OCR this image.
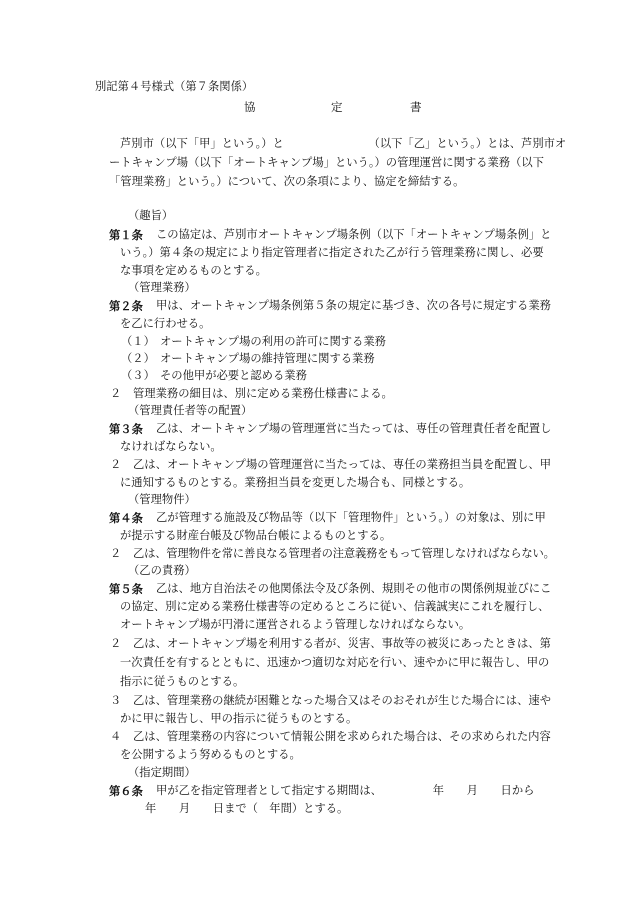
別記第４号様式（第７条関係）
協	定	書
芦別市（以下「甲」という。）と　　　　　　　　（以下「乙」という。）とは、芦別市オ
ートキャンプ場（以下「オートキャンプ場」という。）の管理運営に関する業務（以下
「管理業務」という。）について、次の条項により、協定を締結する。
（趣旨）
第１条 この協定は、芦別市オートキャンプ場条例（以下「オートキャンプ場条例」と
いう。）第４条の規定により指定管理者に指定された乙が行う管理業務に関し、必要
な事項を定めるものとする。
（管理業務）
第２条 甲は、オートキャンプ場条例第５条の規定に基づき、次の各号に規定する業務
を乙に行わせる。
（１） オートキャンプ場の利用の許可に関する業務
（２） オートキャンプ場の維持管理に関する業務
（３） その他甲が必要と認める業務
２ 管理業務の細目は、別に定める業務仕様書による。
（管理責任者等の配置）
第３条 乙は、オートキャンプ場の管理運営に当たっては、専任の管理責任者を配置し
なければならない。
２ 乙は、オートキャンプ場の管理運営に当たっては、専任の業務担当員を配置し、甲
に通知するものとする。業務担当員を変更した場合も、同様とする。
（管理物件）
第４条 乙が管理する施設及び物品等（以下「管理物件」という。）の対象は、別に甲
が提示する財産台帳及び物品台帳によるものとする。
２ 乙は、管理物件を常に善良なる管理者の注意義務をもって管理しなければならない。
（乙の責務）
第５条 乙は、地方自治法その他関係法令及び条例、規則その他市の関係例規並びにこ
の協定、別に定める業務仕様書等の定めるところに従い、信義誠実にこれを履行し、
オートキャンプ場が円滑に運営されるよう管理しなければならない。
２ 乙は、オートキャンプ場を利用する者が、災害、事故等の被災にあったときは、第
一次責任を有するとともに、迅速かつ適切な対応を行い、速やかに甲に報告し、甲の
指示に従うものとする。
３ 乙は、管理業務の継続が困難となった場合又はそのおそれが生じた場合には、速や
かに甲に報告し、甲の指示に従うものとする。
４ 乙は、管理業務の内容について情報公開を求められた場合は、その求められた内容
を公開するよう努めるものとする。
（指定期間）
第６条 甲が乙を指定管理者として指定する期間は、　　　　　年　　月　　日から
年　　月　　日まで（　年間）とする。
